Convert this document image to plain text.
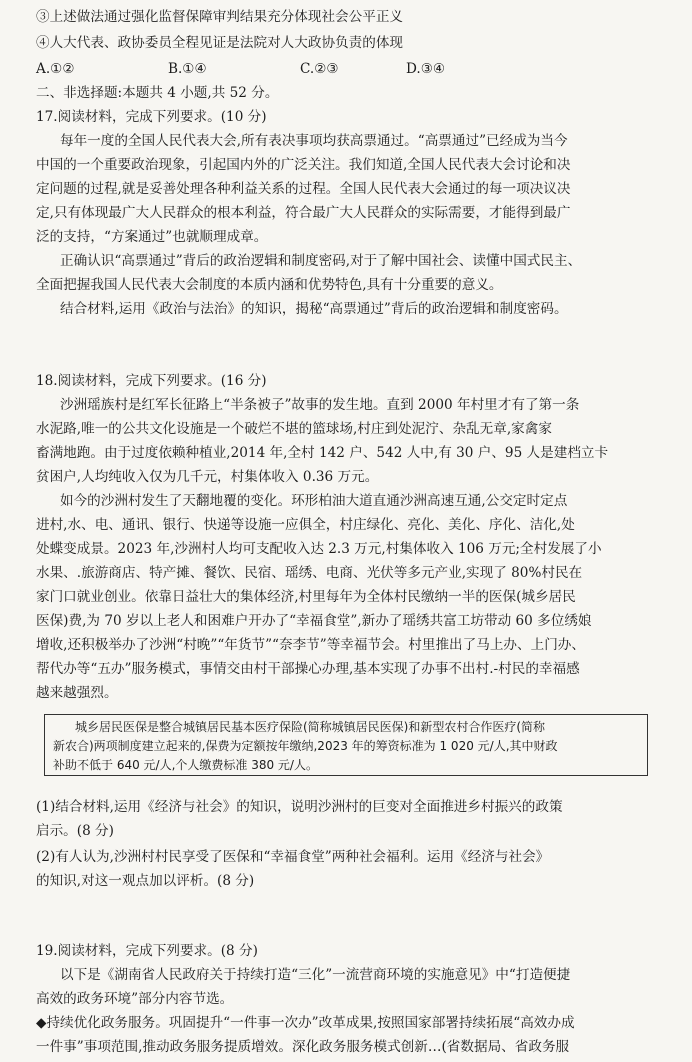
③上述做法通过强化监督保障审判结果充分体现社会公平正义
④人大代表、政协委员全程见证是法院对人大政协负责的体现
A.①②	B.①④	C.②③	D.③④
二、非选择题:本题共 4 小题,共 52 分。
17.阅读材料，完成下列要求。(10 分)
每年一度的全国人民代表大会,所有表决事项均获高票通过。“高票通过”已经成为当今
中国的一个重要政治现象，引起国内外的广泛关注。我们知道,全国人民代表大会讨论和决
定问题的过程,就是妥善处理各种利益关系的过程。全国人民代表大会通过的每一项决议决
定,只有体现最广大人民群众的根本利益，符合最广大人民群众的实际需要，才能得到最广
泛的支持，“方案通过”也就顺理成章。
正确认识“高票通过”背后的政治逻辑和制度密码,对于了解中国社会、读懂中国式民主、
全面把握我国人民代表大会制度的本质内涵和优势特色,具有十分重要的意义。
结合材料,运用《政治与法治》的知识，揭秘“高票通过”背后的政治逻辑和制度密码。
18.阅读材料，完成下列要求。(16 分)
沙洲瑶族村是红军长征路上“半条被子”故事的发生地。直到 2000 年村里才有了第一条
水泥路,唯一的公共文化设施是一个破烂不堪的篮球场,村庄到处泥泞、杂乱无章,家禽家
畜满地跑。由于过度依赖种植业,2014 年,全村 142 户、542 人中,有 30 户、95 人是建档立卡
贫困户,人均纯收入仅为几千元，村集体收入 0.36 万元。
如今的沙洲村发生了天翻地覆的变化。环形柏油大道直通沙洲高速互通,公交定时定点
进村,水、电、通讯、银行、快递等设施一应俱全，村庄绿化、亮化、美化、序化、洁化,处
处蝶变成景。2023 年,沙洲村人均可支配收入达 2.3 万元,村集体收入 106 万元;全村发展了小
水果、.旅游商店、特产摊、餐饮、民宿、瑶绣、电商、光伏等多元产业,实现了 80%村民在
家门口就业创业。依靠日益壮大的集体经济,村里每年为全体村民缴纳一半的医保(城乡居民
医保)费,为 70 岁以上老人和困难户开办了“幸福食堂”,新办了瑶绣共富工坊带动 60 多位绣娘
增收,还积极举办了沙洲“村晚”“年货节”“奈李节”等幸福节会。村里推出了马上办、上门办、
帮代办等“五办”服务模式，事情交由村干部操心办理,基本实现了办事不出村.-村民的幸福感
越来越强烈。
城乡居民医保是整合城镇居民基本医疗保险(简称城镇居民医保)和新型农村合作医疗(简称
新农合)两项制度建立起来的,保费为定额按年缴纳,2023 年的筹资标准为 1 020 元/人,其中财政
补助不低于 640 元/人,个人缴费标准 380 元/人。
(1)结合材料,运用《经济与社会》的知识，说明沙洲村的巨变对全面推进乡村振兴的政策
启示。(8 分)
(2)有人认为,沙洲村村民享受了医保和“幸福食堂”两种社会福利。运用《经济与社会》
的知识,对这一观点加以评析。(8 分)
19.阅读材料，完成下列要求。(8 分)
以下是《湖南省人民政府关于持续打造“三化”一流营商环境的实施意见》中“打造便捷
高效的政务环境”部分内容节选。
◆持续优化政务服务。巩固提升“一件事一次办”改革成果,按照国家部署持续拓展“高效办成
一件事”事项范围,推动政务服务提质增效。深化政务服务模式创新…(省数据局、省政务服
